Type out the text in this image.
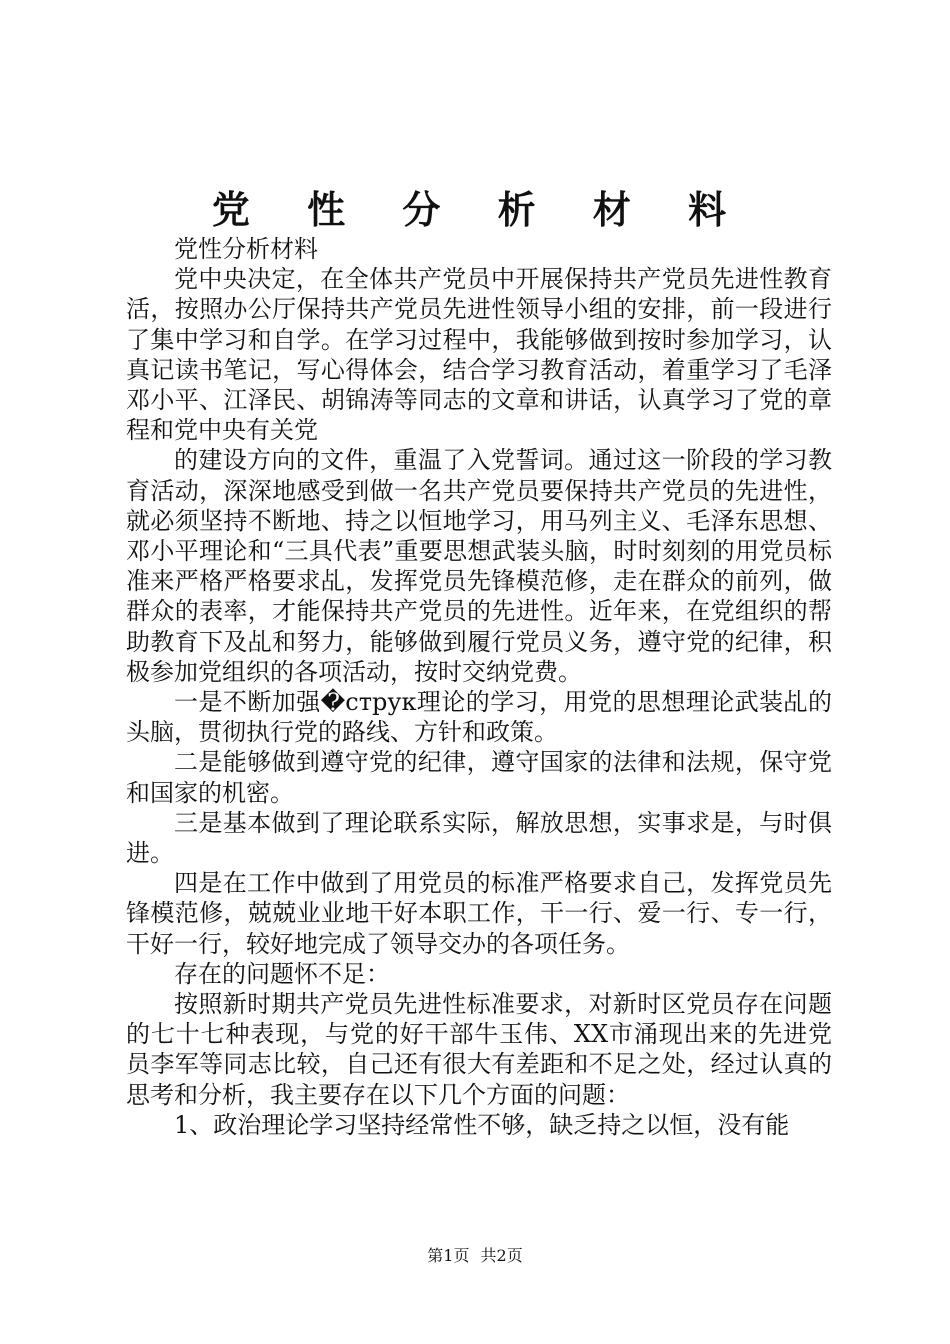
党 性 分 析 材 料

党性分析材料

党中央决定，在全体共产党员中开展保持共产党员先进性教育活，按照办公厅保持共产党员先进性领导小组的安排，前一段进行了集中学习和自学。在学习过程中，我能够做到按时参加学习，认真记读书笔记，写心得体会，结合学习教育活动，着重学习了毛泽邓小平、江泽民、胡锦涛等同志的文章和讲话，认真学习了党的章程和党中央有关党

的建设方向的文件，重温了入党誓词。通过这一阶段的学习教育活动，深深地感受到做一名共产党员要保持共产党员的先进性，就必须坚持不断地、持之以恒地学习，用马列主义、毛泽东思想、邓小平理论和“三具代表”重要思想武装头脑，时时刻刻的用党员标准来严格严格要求乩，发挥党员先锋模范修，走在群众的前列，做群众的表率，才能保持共产党员的先进性。近年来，在党组织的帮助教育下及乩和努力，能够做到履行党员义务，遵守党的纪律，积极参加党组织的各项活动，按时交纳党费。

一是不断加强�струк理论的学习，用党的思想理论武装乩的头脑，贯彻执行党的路线、方针和政策。

二是能够做到遵守党的纪律，遵守国家的法律和法规，保守党和国家的机密。

三是基本做到了理论联系实际，解放思想，实事求是，与时俱进。

四是在工作中做到了用党员的标准严格要求自己，发挥党员先锋模范修，兢兢业业地干好本职工作，干一行、爱一行、专一行，干好一行，较好地完成了领导交办的各项任务。

存在的问题怀不足：

按照新时期共产党员先进性标准要求，对新时区党员存在问题的七十七种表现，与党的好干部牛玉伟、XX市涌现出来的先进党员李军等同志比较，自己还有很大有差距和不足之处，经过认真的思考和分析，我主要存在以下几个方面的问题：

1、政治理论学习坚持经常性不够，缺乏持之以恒，没有能

第1页 共2页
